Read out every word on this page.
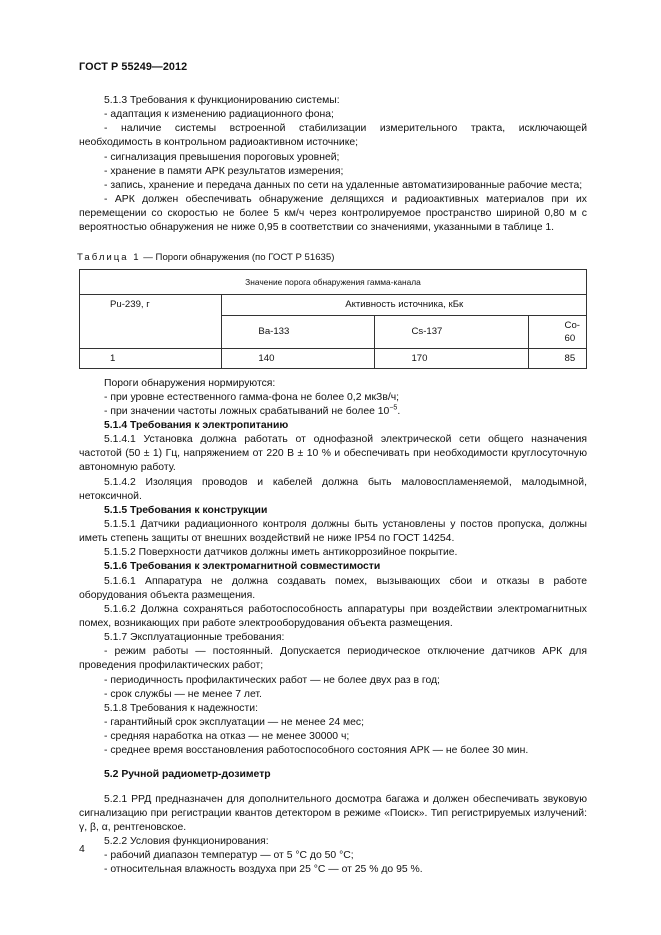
ГОСТ Р 55249—2012

5.1.3 Требования к функционированию системы:

- адаптация к изменению радиационного фона;

- наличие системы встроенной стабилизации измерительного тракта, исключающей необходимость в контрольном радиоактивном источнике;

- сигнализация превышения пороговых уровней;

- хранение в памяти АРК результатов измерения;

- запись, хранение и передача данных по сети на удаленные автоматизированные рабочие места;

- АРК должен обеспечивать обнаружение делящихся и радиоактивных материалов при их перемещении со скоростью не более 5 км/ч через контролируемое пространство шириной 0,80 м с вероятностью обнаружения не ниже 0,95 в соответствии со значениями, указанными в таблице 1.

Таблица 1 — Пороги обнаружения (по ГОСТ Р 51635)
Значение порога обнаружения гамма-канала			
Pu-239, г	Активность источника, кБк		
	Ba-133	Cs-137	Co-60
1	140	170	85

Пороги обнаружения нормируются:

- при уровне естественного гамма-фона не более 0,2 мкЗв/ч;

- при значении частоты ложных срабатываний не более $10^{-5}$.

5.1.4 Требования к электропитанию

5.1.4.1 Установка должна работать от однофазной электрической сети общего назначения частотой (50 ± 1) Гц, напряжением от 220 В ± 10 % и обеспечивать при необходимости круглосуточную автономную работу.

5.1.4.2 Изоляция проводов и кабелей должна быть маловоспламеняемой, малодымной, нетоксичной.

5.1.5 Требования к конструкции

5.1.5.1 Датчики радиационного контроля должны быть установлены у постов пропуска, должны иметь степень защиты от внешних воздействий не ниже IP54 по ГОСТ 14254.

5.1.5.2 Поверхности датчиков должны иметь антикоррозийное покрытие.

5.1.6 Требования к электромагнитной совместимости

5.1.6.1 Аппаратура не должна создавать помех, вызывающих сбои и отказы в работе оборудования объекта размещения.

5.1.6.2 Должна сохраняться работоспособность аппаратуры при воздействии электромагнитных помех, возникающих при работе электрооборудования объекта размещения.

5.1.7 Эксплуатационные требования:

- режим работы — постоянный. Допускается периодическое отключение датчиков АРК для проведения профилактических работ;

- периодичность профилактических работ — не более двух раз в год;

- срок службы — не менее 7 лет.

5.1.8 Требования к надежности:

- гарантийный срок эксплуатации — не менее 24 мес;

- средняя наработка на отказ — не менее 30000 ч;

- среднее время восстановления работоспособного состояния АРК — не более 30 мин.

5.2 Ручной радиометр-дозиметр

5.2.1 РРД предназначен для дополнительного досмотра багажа и должен обеспечивать звуковую сигнализацию при регистрации квантов детектором в режиме «Поиск». Тип регистрируемых излучений: γ, β, α, рентгеновское.

5.2.2 Условия функционирования:

- рабочий диапазон температур — от 5 °С до 50 °С;

- относительная влажность воздуха при 25 °С — от 25 % до 95 %.

4
